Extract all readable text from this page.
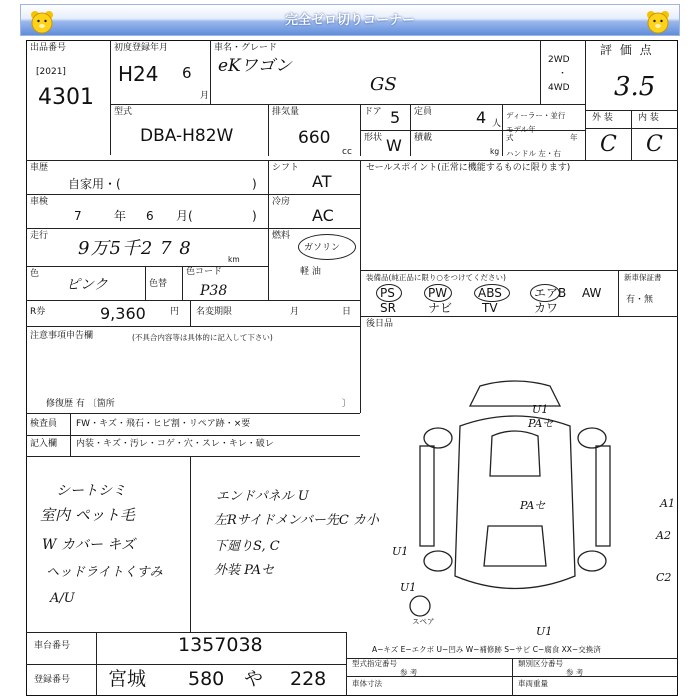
完全ゼロ切りコーナー
出品番号
[2021]
4301
初度登録年月
H24 6
月
車名・グレード
eKワゴン
GS
2WD
・
4WD
評 価 点
3.5
外 装	内 装
C C
型式
DBA-H82W
排気量
660
cc
ドア 5 定員	4 人
形状 W 積載
kg
ディーラー・並行
モデル年式	年
ハンドル 左・右
車歴
自家用・(	)
車検
7	年 6 月(	)
走行
9万5千2 7 8
km
色
ピンク	色替
色コード
P38
シフト
AT
冷房
AC
燃料
ガソリン
軽 油
R券	9,360	円 名変期限	月	日
注意事項申告欄	(不具合内容等は具体的に記入して下さい)
修復歴 有 〔箇所	〕
検査員
記入欄
FW・キズ・飛石・ヒビ割・リペア跡・×要
内装・キズ・汚レ・コゲ・穴・スレ・キレ・破レ
セールスポイント(正常に機能するものに限ります)
装備品(純正品に限り○をつけてください)	新車保証書
有・無
PS	PW	ABS	エアB AW
SR	ナビ TV	カワ
後日品
U1
PAセ
PAセ	A1
A2
C2
U1
U1
U1
スペア
シートシミ
室内 ペット毛
W カバー キズ
ヘッドライトくすみ
A/U
エンドパネル U
左Rサイドメンバー先C カ小
下廻りS, C
外装 PAセ
A−キズ E−エクボ U−凹み W−補修跡 S−サビ C−腐食 XX−交換済
車台番号	1357038
登録番号 宮城 580 や 228
型式指定番号	類別区分番号
参 考	参 考
車体寸法	車両重量
